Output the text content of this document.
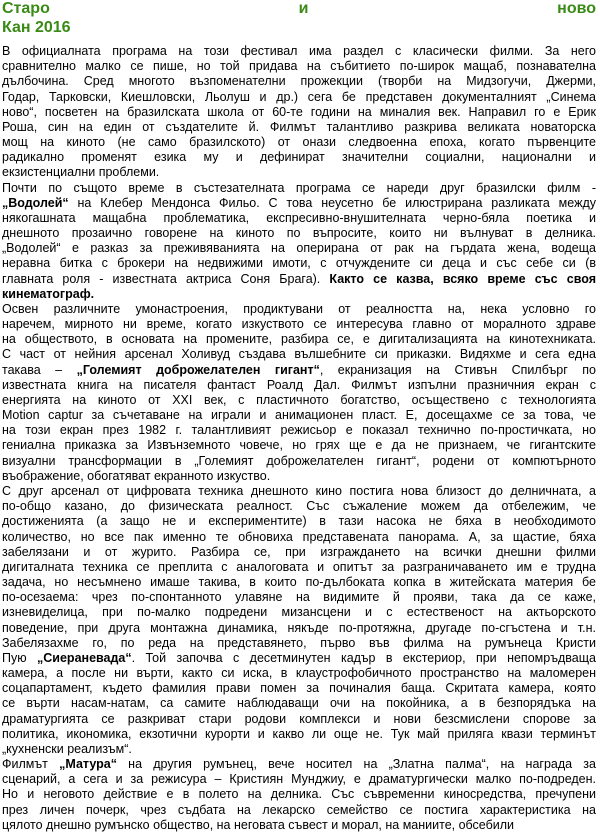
Старо	и	ново
Кан 2016
В официалната програма на този фестивал има раздел с класически филми. За него
сравнително малко се пише, но той придава на събитието по-широк мащаб, познавателна
дълбочина. Сред многото възпоменателни прожекции (творби на Мидзогучи, Джерми,
Годар, Тарковски, Киешловски, Льолуш и др.) сега бе представен документалният „Синема
ново“, посветен на бразилската школа от 60-те години на миналия век. Направил го е Ерик
Роша, син на един от създателите й. Филмът талантливо разкрива великата новаторска
мощ на киното (не само бразилското) от онази следвоенна епоха, когато първенците
радикално променят езика му и дефинират значителни социални, национални и
екзистенциални проблеми.
Почти по същото време в състезателната програма се нареди друг бразилски филм -
„Водолей“ на Клебер Мендонса Фильо. С това неусетно бе илюстрирана разликата между
някогашната мащабна проблематика, експресивно-внушителната черно-бяла поетика и
днешното прозаично говорене на киното по въпросите, които ни вълнуват в делника.
„Водолей“ е разказ за преживяванията на оперирана от рак на гърдата жена, водеща
неравна битка с брокери на недвижими имоти, с отчуждените си деца и със себе си (в
главната роля - известната актриса Соня Брага). Както се казва, всяко време със своя
кинематограф.
Освен различните умонастроения, продиктувани от реалността на, нека условно го
наречем, мирното ни време, когато изкуството се интересува главно от моралното здраве
на обществото, в основата на промените, разбира се, е дигитализацията на кинотехниката.
С част от нейния арсенал Холивуд създава вълшебните си приказки. Видяхме и сега една
такава – „Големият доброжелателен гигант“, екранизация на Стивън Спилбърг по
известната книга на писателя фантаст Роалд Дал. Филмът изпълни празничния екран с
енергията на киното от XXI век, с пластичното богатство, осъществено с технологията
Motion captur за съчетаване на играли и анимационен пласт. Е, досещахме се за това, че
на този екран през 1982 г. талантливият режисьор е показал технично по-простичката, но
гениална приказка за Извънземното човече, но грях ще е да не признаем, че гигантските
визуални трансформации в „Големият доброжелателен гигант“, родени от компютърното
въображение, обогатяват екранното изкуство.
С друг арсенал от цифровата техника днешното кино постига нова близост до делничната, а
по-общо казано, до физическата реалност. Със съжаление можем да отбележим, че
достиженията (а защо не и експериментите) в тази насока не бяха в необходимото
количество, но все пак именно те обновиха представената панорама. А, за щастие, бяха
забелязани и от журито. Разбира се, при изграждането на всички днешни филми
дигиталната техника се преплита с аналоговата и опитът за разграничаването им е трудна
задача, но несъмнено имаше такива, в които по-дълбоката копка в житейската материя бе
по-осезаема: чрез по-спонтанното улавяне на видимите й прояви, така да се каже,
изневиделица, при по-малко подредени мизансцени и с естественост на актьорското
поведение, при друга монтажна динамика, някъде по-протяжна, другаде по-сгъстена и т.н.
Забелязахме го, по реда на представянето, първо във филма на румънеца Кристи
Пую „Сиераневада“. Той започва с десетминутен кадър в екстериор, при непомръдваща
камера, а после ни върти, както си иска, в клаустрофобичното пространство на маломерен
соцапартамент, където фамилия прави помен за починалия баща. Скритата камера, която
се върти насам-натам, са самите наблюдаващи очи на покойника, а в безпорядъка на
драматургията се разкриват стари родови комплекси и нови безсмислени спорове за
политика, икономика, екзотични курорти и какво ли още не. Тук май приляга квази терминът
„кухненски реализъм“.
Филмът „Матура“ на другия румънец, вече носител на „Златна палма“, на награда за
сценарий, а сега и за режисура – Кристиян Мунджиу, е драматургически малко по-подреден.
Но и неговото действие е в полето на делника. Със съвременни киносредства, пречупени
през личен почерк, чрез съдбата на лекарско семейство се постига характеристика на
цялото днешно румънско общество, на неговата съвест и морал, на маниите, обсебили
